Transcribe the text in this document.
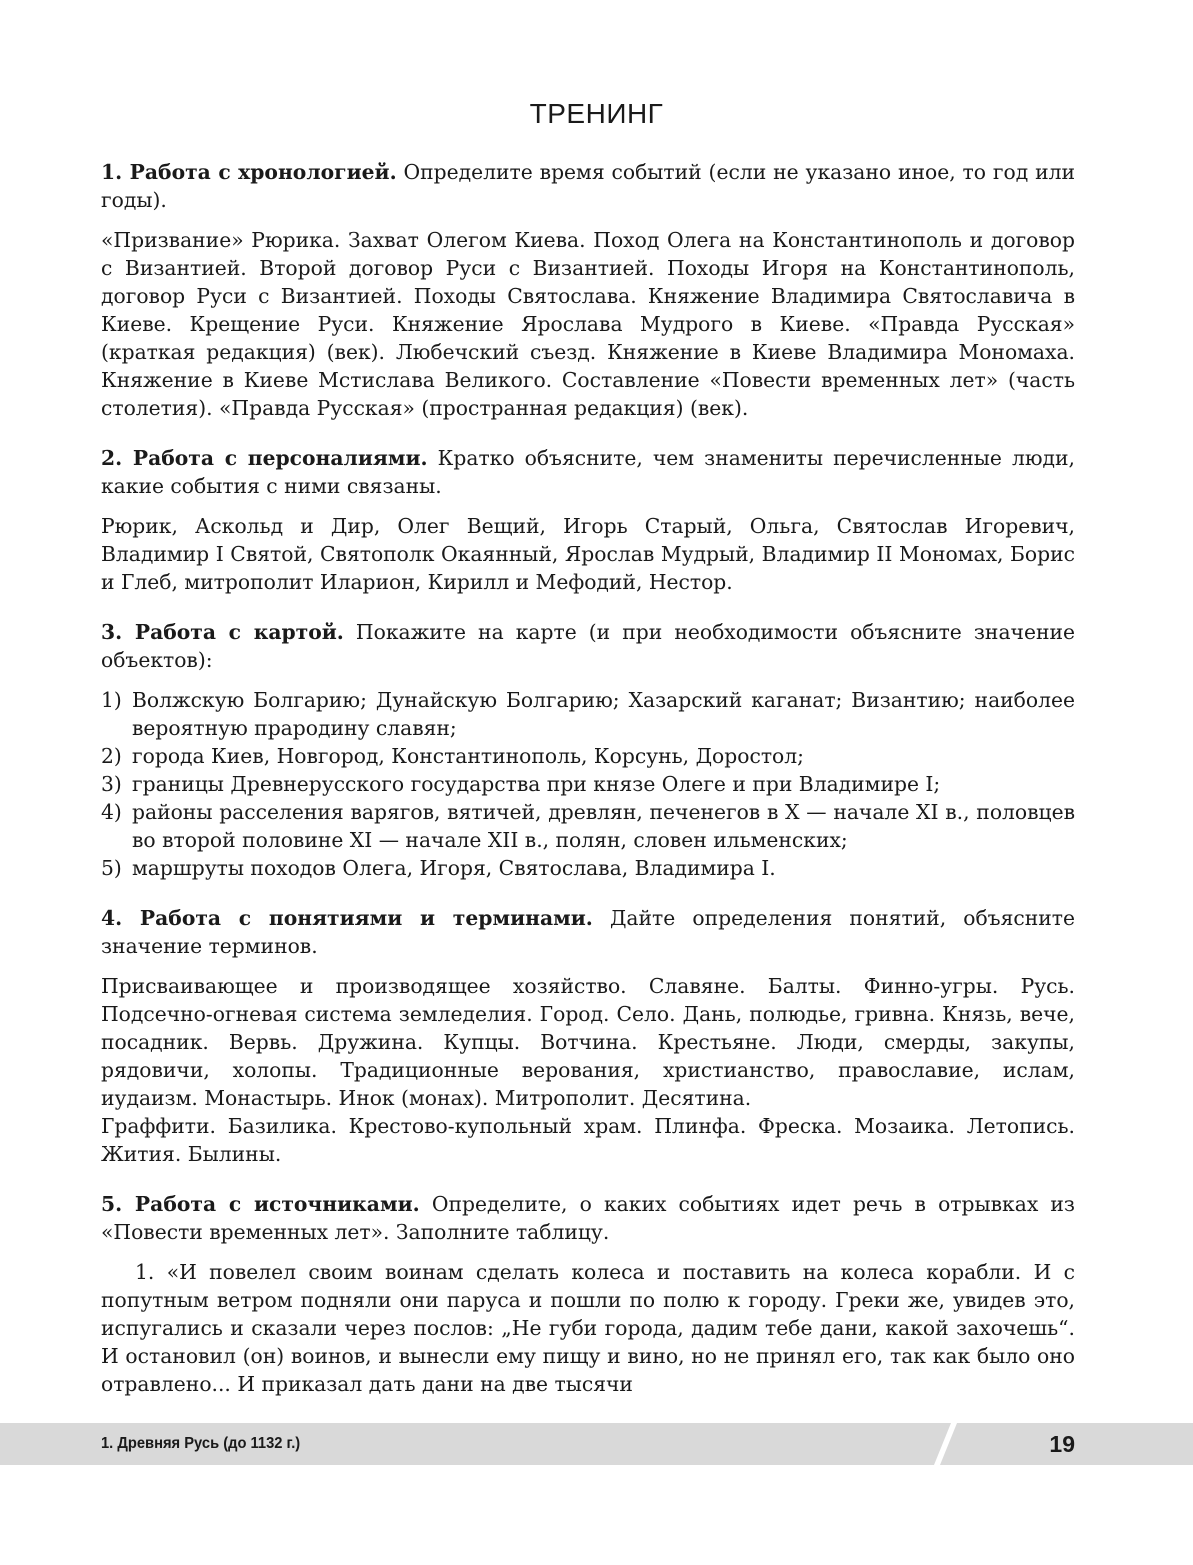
ТРЕНИНГ

1. Работа с хронологией. Определите время событий (если не указано иное, то год или годы).

«Призвание» Рюрика. Захват Олегом Киева. Поход Олега на Константинополь и договор с Византией. Второй договор Руси с Византией. Походы Игоря на Константинополь, договор Руси с Византией. Походы Святослава. Княжение Владимира Святославича в Киеве. Крещение Руси. Княжение Ярослава Мудрого в Киеве. «Правда Русская» (краткая редакция) (век). Любечский съезд. Княжение в Киеве Владимира Мономаха. Княжение в Киеве Мстислава Великого. Составление «Повести временных лет» (часть столетия). «Правда Русская» (пространная редакция) (век).

2. Работа с персоналиями. Кратко объясните, чем знамениты перечисленные люди, какие события с ними связаны.

Рюрик, Аскольд и Дир, Олег Вещий, Игорь Старый, Ольга, Святослав Игоревич, Владимир I Святой, Святополк Окаянный, Ярослав Мудрый, Владимир II Мономах, Борис и Глеб, митрополит Иларион, Кирилл и Мефодий, Нестор.

3. Работа с картой. Покажите на карте (и при необходимости объясните значение объектов):

1) Волжскую Болгарию; Дунайскую Болгарию; Хазарский каганат; Византию; наиболее вероятную прародину славян;
2) города Киев, Новгород, Константинополь, Корсунь, Доростол;
3) границы Древнерусского государства при князе Олеге и при Владимире I;
4) районы расселения варягов, вятичей, древлян, печенегов в X — начале XI в., половцев во второй половине XI — начале XII в., полян, словен ильменских;
5) маршруты походов Олега, Игоря, Святослава, Владимира I.

4. Работа с понятиями и терминами. Дайте определения понятий, объясните значение терминов.

Присваивающее и производящее хозяйство. Славяне. Балты. Финно-угры. Русь. Подсечно-огневая система земледелия. Город. Село. Дань, полюдье, гривна. Князь, вече, посадник. Вервь. Дружина. Купцы. Вотчина. Крестьяне. Люди, смерды, закупы, рядовичи, холопы. Традиционные верования, христианство, православие, ислам, иудаизм. Монастырь. Инок (монах). Митрополит. Десятина.

Граффити. Базилика. Крестово-купольный храм. Плинфа. Фреска. Мозаика. Летопись. Жития. Былины.

5. Работа с источниками. Определите, о каких событиях идет речь в отрывках из «Повести временных лет». Заполните таблицу.

1. «И повелел своим воинам сделать колеса и поставить на колеса корабли. И с попутным ветром подняли они паруса и пошли по полю к городу. Греки же, увидев это, испугались и сказали через послов: „Не губи города, дадим тебе дани, какой захочешь“. И остановил (он) воинов, и вынесли ему пищу и вино, но не принял его, так как было оно отравлено... И приказал дать дани на две тысячи

1. Древняя Русь (до 1132 г.)	19
